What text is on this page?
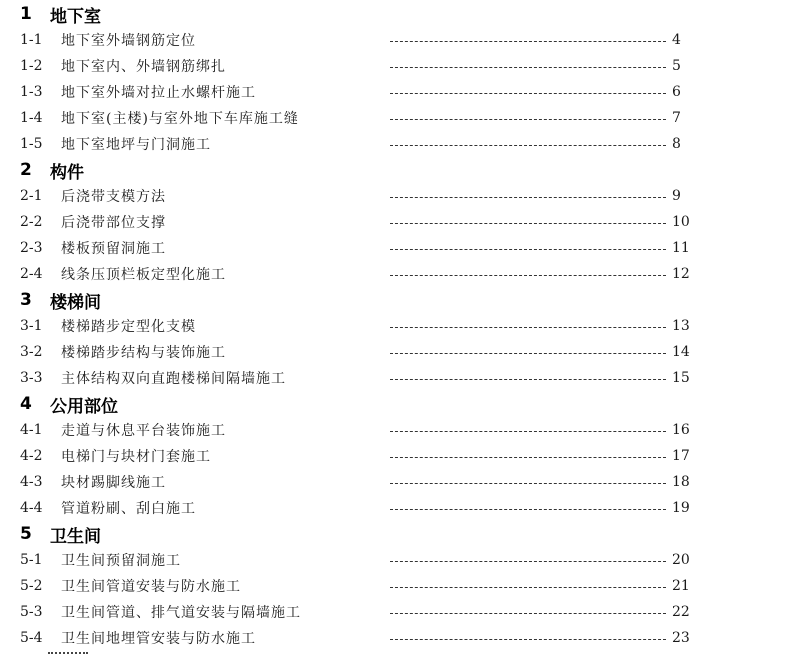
1	地下室
1-1	地下室外墙钢筋定位	4
1-2	地下室内、外墙钢筋绑扎	5
1-3	地下室外墙对拉止水螺杆施工	6
1-4	地下室(主楼)与室外地下车库施工缝	7
1-5	地下室地坪与门洞施工	8
2	构件
2-1	后浇带支模方法	9
2-2	后浇带部位支撑	10
2-3	楼板预留洞施工	11
2-4	线条压顶栏板定型化施工	12
3	楼梯间
3-1	楼梯踏步定型化支模	13
3-2	楼梯踏步结构与装饰施工	14
3-3	主体结构双向直跑楼梯间隔墙施工	15
4	公用部位
4-1	走道与休息平台装饰施工	16
4-2	电梯门与块材门套施工	17
4-3	块材踢脚线施工	18
4-4	管道粉刷、刮白施工	19
5	卫生间
5-1	卫生间预留洞施工	20
5-2	卫生间管道安装与防水施工	21
5-3	卫生间管道、排气道安装与隔墙施工	22
5-4	卫生间地埋管安装与防水施工	23
